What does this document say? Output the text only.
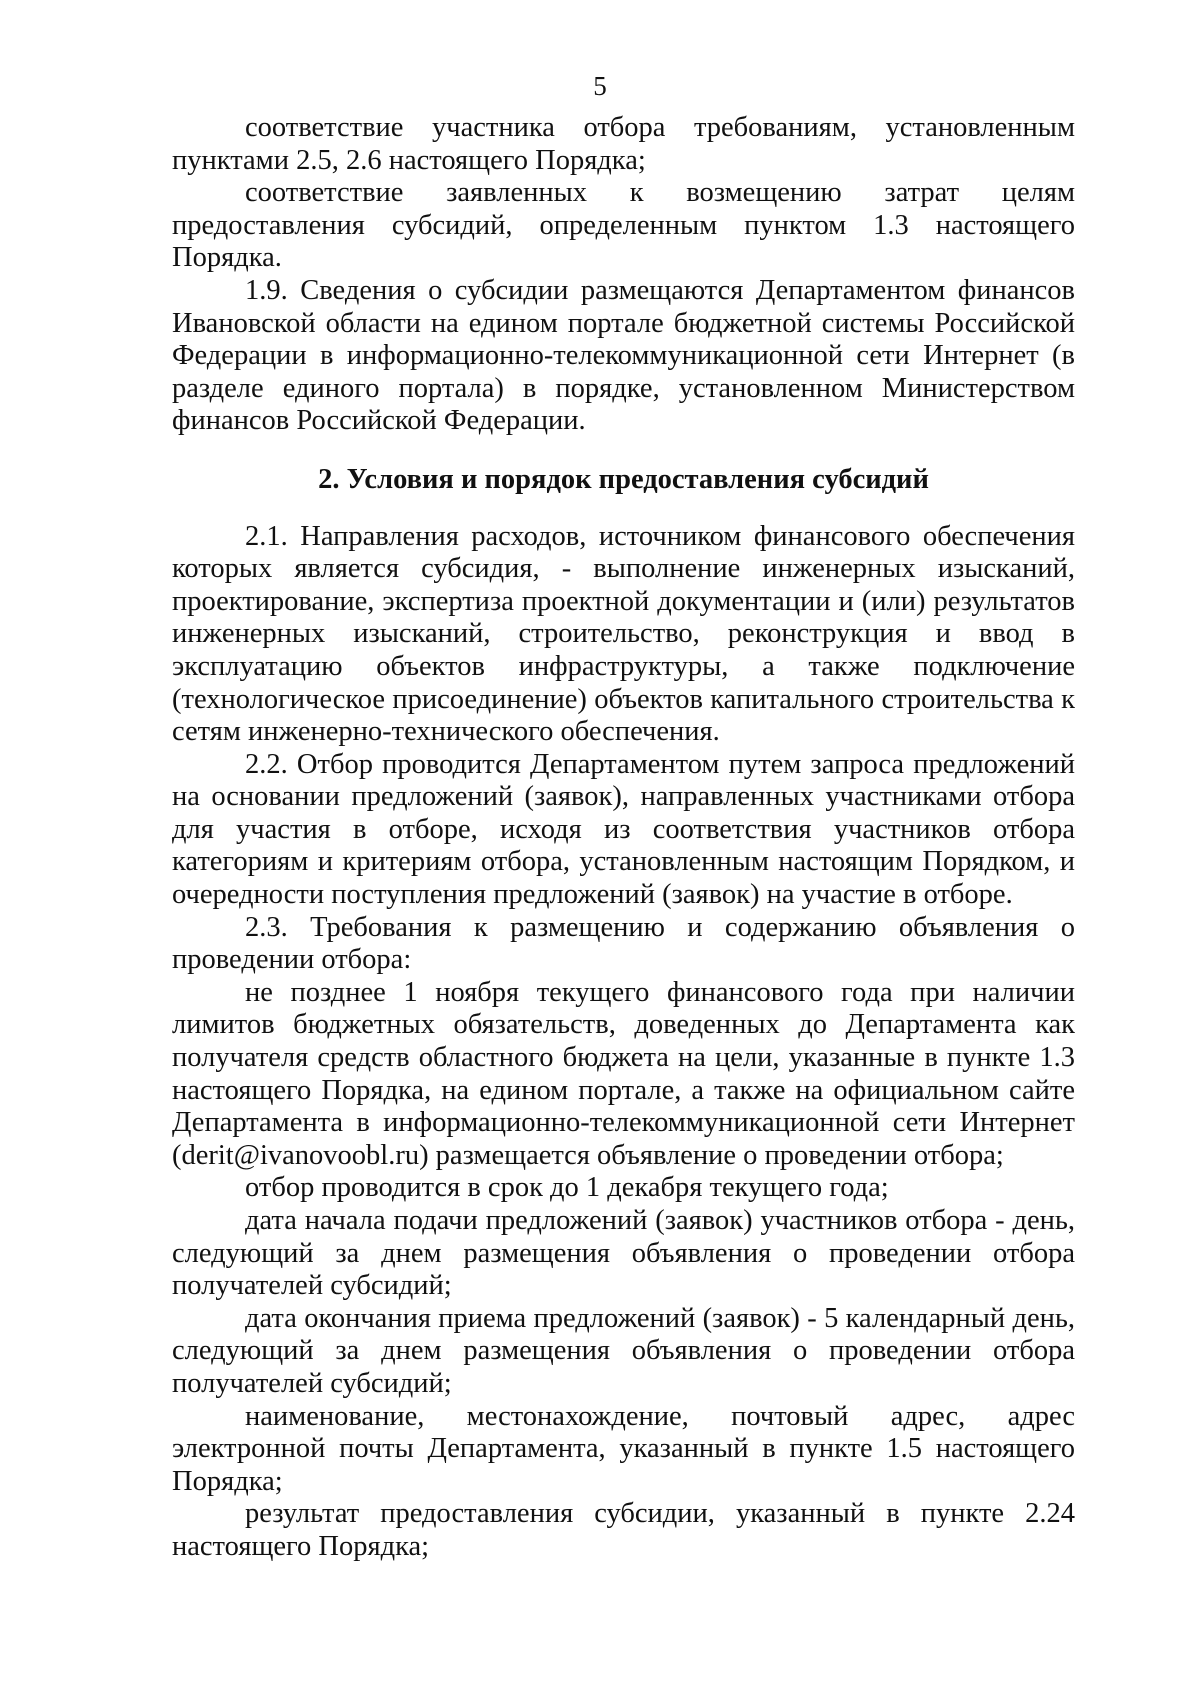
5

соответствие участника отбора требованиям, установленным пунктами 2.5, 2.6 настоящего Порядка;

соответствие заявленных к возмещению затрат целям предоставления субсидий, определенным пунктом 1.3 настоящего Порядка.

1.9. Сведения о субсидии размещаются Департаментом финансов Ивановской области на едином портале бюджетной системы Российской Федерации в информационно-телекоммуникационной сети Интернет (в разделе единого портала) в порядке, установленном Министерством финансов Российской Федерации.

2. Условия и порядок предоставления субсидий

2.1. Направления расходов, источником финансового обеспечения которых является субсидия, - выполнение инженерных изысканий, проектирование, экспертиза проектной документации и (или) результатов инженерных изысканий, строительство, реконструкция и ввод в эксплуатацию объектов инфраструктуры, а также подключение (технологическое присоединение) объектов капитального строительства к сетям инженерно-технического обеспечения.

2.2. Отбор проводится Департаментом путем запроса предложений на основании предложений (заявок), направленных участниками отбора для участия в отборе, исходя из соответствия участников отбора категориям и критериям отбора, установленным настоящим Порядком, и очередности поступления предложений (заявок) на участие в отборе.

2.3. Требования к размещению и содержанию объявления о проведении отбора:

не позднее 1 ноября текущего финансового года при наличии лимитов бюджетных обязательств, доведенных до Департамента как получателя средств областного бюджета на цели, указанные в пункте 1.3 настоящего Порядка, на едином портале, а также на официальном сайте Департамента в информационно-телекоммуникационной сети Интернет (derit@ivanovoobl.ru) размещается объявление о проведении отбора;

отбор проводится в срок до 1 декабря текущего года;

дата начала подачи предложений (заявок) участников отбора - день, следующий за днем размещения объявления о проведении отбора получателей субсидий;

дата окончания приема предложений (заявок) - 5 календарный день, следующий за днем размещения объявления о проведении отбора получателей субсидий;

наименование, местонахождение, почтовый адрес, адрес электронной почты Департамента, указанный в пункте 1.5 настоящего Порядка;

результат предоставления субсидии, указанный в пункте 2.24 настоящего Порядка;
